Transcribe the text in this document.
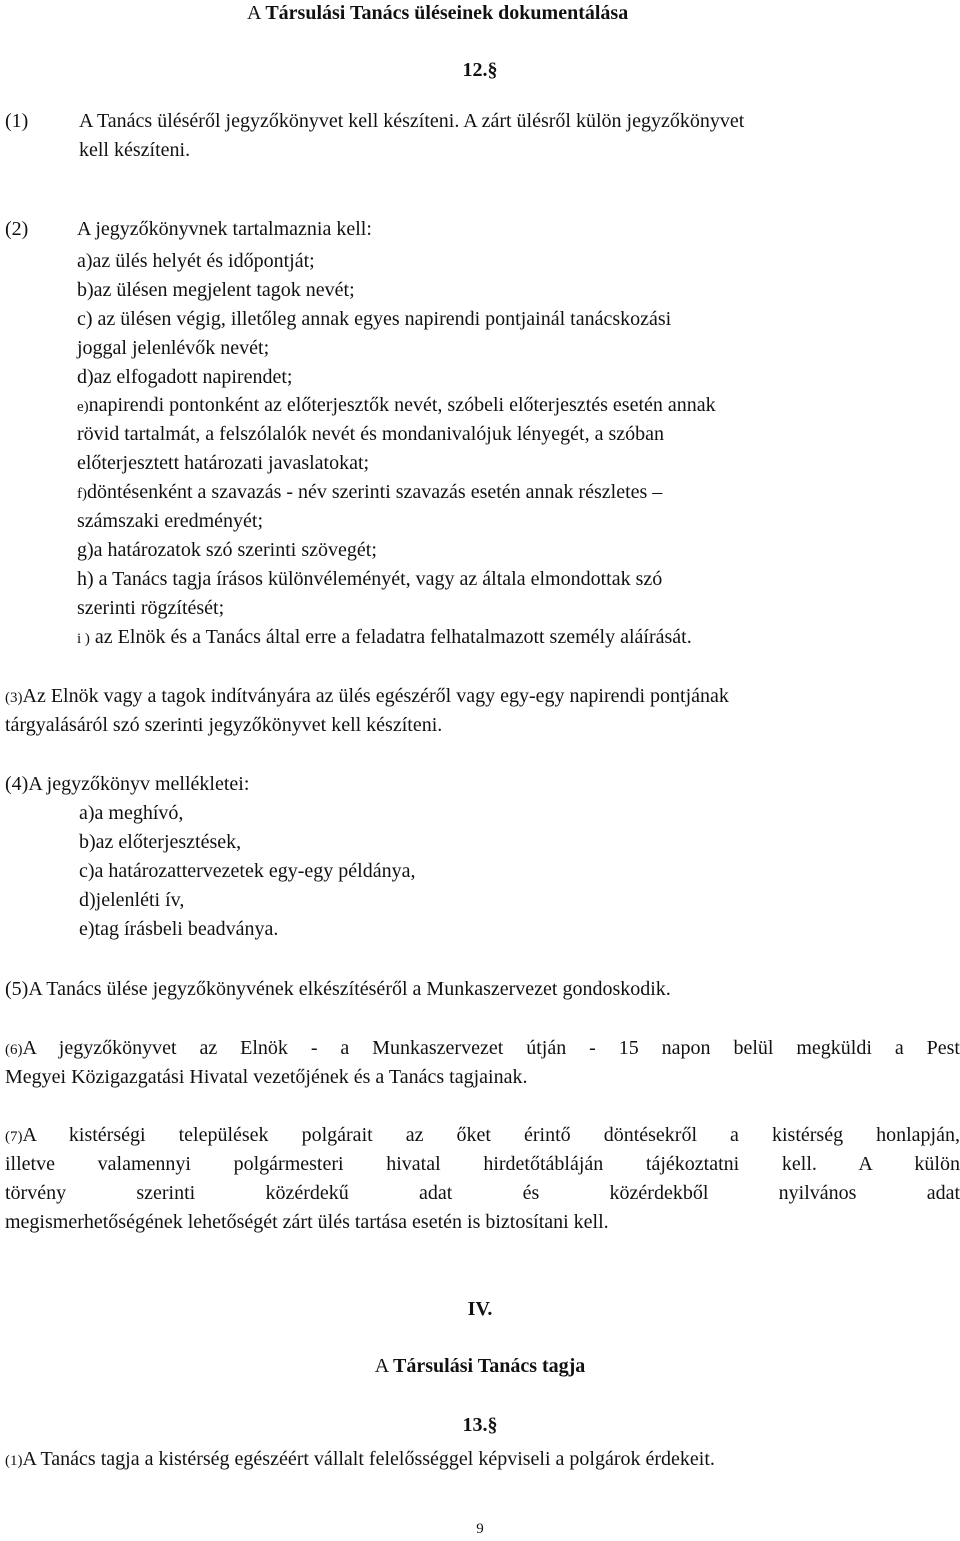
A Társulási Tanács üléseinek dokumentálása
12.§
(1)	A Tanács üléséről jegyzőkönyvet kell készíteni. A zárt ülésről külön jegyzőkönyvet
kell készíteni.
(2) A jegyzőkönyvnek tartalmaznia kell:
a)az ülés helyét és időpontját;
b)az ülésen megjelent tagok nevét;
c) az ülésen végig, illetőleg annak egyes napirendi pontjainál tanácskozási
joggal jelenlévők nevét;
d)az elfogadott napirendet;
e)napirendi pontonként az előterjesztők nevét, szóbeli előterjesztés esetén annak
rövid tartalmát, a felszólalók nevét és mondanivalójuk lényegét, a szóban
előterjesztett határozati javaslatokat;
f)döntésenként a szavazás - név szerinti szavazás esetén annak részletes –
számszaki eredményét;
g)a határozatok szó szerinti szövegét;
h) a Tanács tagja írásos különvéleményét, vagy az általa elmondottak szó
szerinti rögzítését;
i ) az Elnök és a Tanács által erre a feladatra felhatalmazott személy aláírását.
(3)Az Elnök vagy a tagok indítványára az ülés egészéről vagy egy-egy napirendi pontjának
tárgyalásáról szó szerinti jegyzőkönyvet kell készíteni.
(4)A jegyzőkönyv mellékletei:
a)a meghívó,
b)az előterjesztések,
c)a határozattervezetek egy-egy példánya,
d)jelenléti ív,
e)tag írásbeli beadványa.
(5)A Tanács ülése jegyzőkönyvének elkészítéséről a Munkaszervezet gondoskodik.
(6)A jegyzőkönyvet az Elnök - a Munkaszervezet útján - 15 napon belül megküldi a Pest
Megyei Közigazgatási Hivatal vezetőjének és a Tanács tagjainak.
(7)A kistérségi települések polgárait az őket érintő döntésekről a kistérség honlapján,
illetve valamennyi polgármesteri hivatal hirdetőtábláján tájékoztatni kell. A külön
törvény szerinti közérdekű adat és közérdekből nyilvános adat
megismerhetőségének lehetőségét zárt ülés tartása esetén is biztosítani kell.
IV.
A Társulási Tanács tagja
13.§
(1)A Tanács tagja a kistérség egészéért vállalt felelősséggel képviseli a polgárok érdekeit.
9
